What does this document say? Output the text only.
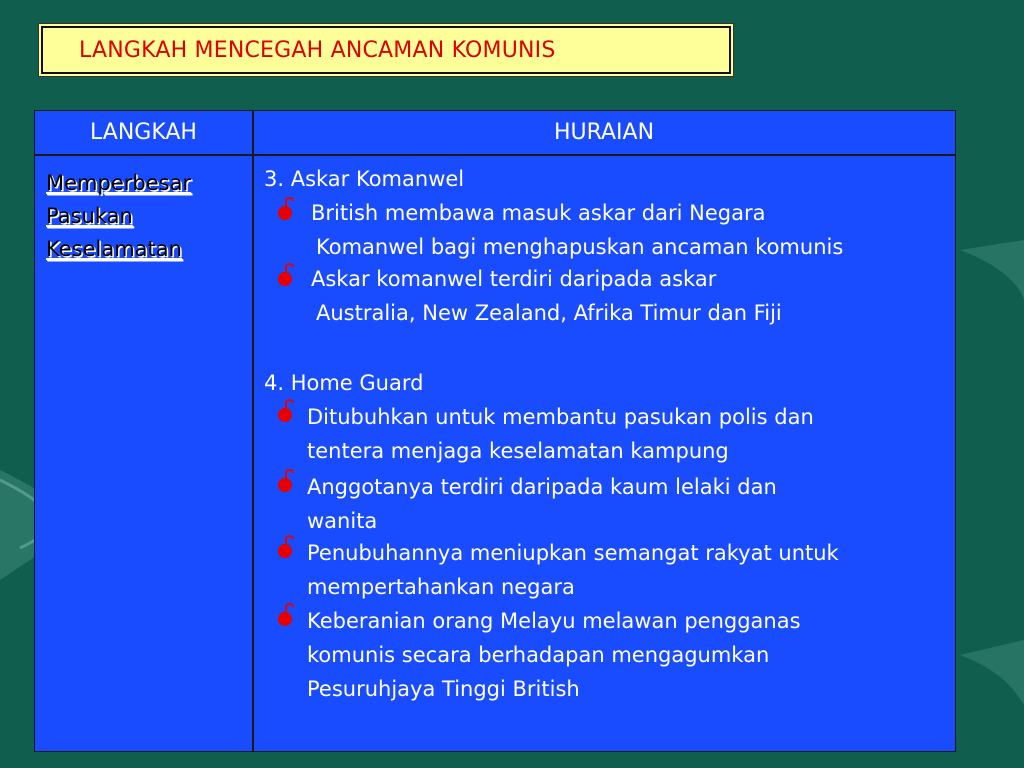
LANGKAH MENCEGAH ANCAMAN KOMUNIS
LANGKAH	HURAIAN
Memperbesar
Pasukan
Keselamatan
3. Askar Komanwel
British membawa masuk askar dari Negara
Komanwel bagi menghapuskan ancaman komunis
Askar komanwel terdiri daripada askar
Australia, New Zealand, Afrika Timur dan Fiji
4. Home Guard
Ditubuhkan untuk membantu pasukan polis dan
tentera menjaga keselamatan kampung
Anggotanya terdiri daripada kaum lelaki dan
wanita
Penubuhannya meniupkan semangat rakyat untuk
mempertahankan negara
Keberanian orang Melayu melawan pengganas
komunis secara berhadapan mengagumkan
Pesuruhjaya Tinggi British
